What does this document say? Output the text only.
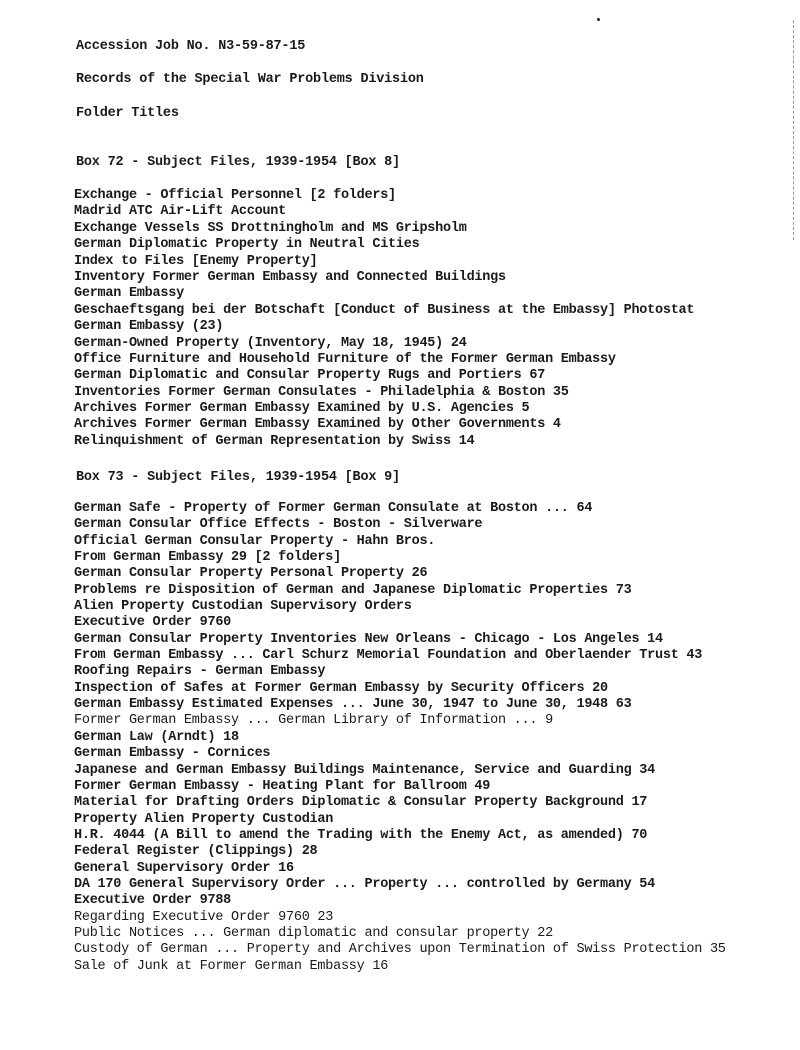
Accession Job No. N3-59-87-15
Records of the Special War Problems Division
Folder Titles
Box 72 - Subject Files, 1939-1954 [Box 8]
Exchange - Official Personnel [2 folders]
Madrid ATC Air-Lift Account
Exchange Vessels SS Drottningholm and MS Gripsholm
German Diplomatic Property in Neutral Cities
Index to Files [Enemy Property]
Inventory Former German Embassy and Connected Buildings
German Embassy
Geschaeftsgang bei der Botschaft [Conduct of Business at the Embassy] Photostat
German Embassy (23)
German-Owned Property (Inventory, May 18, 1945) 24
Office Furniture and Household Furniture of the Former German Embassy
German Diplomatic and Consular Property Rugs and Portiers 67
Inventories Former German Consulates - Philadelphia & Boston 35
Archives Former German Embassy Examined by U.S. Agencies 5
Archives Former German Embassy Examined by Other Governments 4
Relinquishment of German Representation by Swiss 14
Box 73 - Subject Files, 1939-1954 [Box 9]
German Safe - Property of Former German Consulate at Boston ... 64
German Consular Office Effects - Boston - Silverware
Official German Consular Property - Hahn Bros.
From German Embassy 29 [2 folders]
German Consular Property Personal Property 26
Problems re Disposition of German and Japanese Diplomatic Properties 73
Alien Property Custodian Supervisory Orders
Executive Order 9760
German Consular Property Inventories New Orleans - Chicago - Los Angeles 14
From German Embassy ... Carl Schurz Memorial Foundation and Oberlaender Trust 43
Roofing Repairs - German Embassy
Inspection of Safes at Former German Embassy by Security Officers 20
German Embassy Estimated Expenses ... June 30, 1947 to June 30, 1948 63
Former German Embassy ... German Library of Information ... 9
German Law (Arndt) 18
German Embassy - Cornices
Japanese and German Embassy Buildings Maintenance, Service and Guarding 34
Former German Embassy - Heating Plant for Ballroom 49
Material for Drafting Orders Diplomatic & Consular Property Background 17
Property Alien Property Custodian
H.R. 4044 (A Bill to amend the Trading with the Enemy Act, as amended) 70
Federal Register (Clippings) 28
General Supervisory Order 16
DA 170 General Supervisory Order ... Property ... controlled by Germany 54
Executive Order 9788
Regarding Executive Order 9760 23
Public Notices ... German diplomatic and consular property 22
Custody of German ... Property and Archives upon Termination of Swiss Protection 35
Sale of Junk at Former German Embassy 16
